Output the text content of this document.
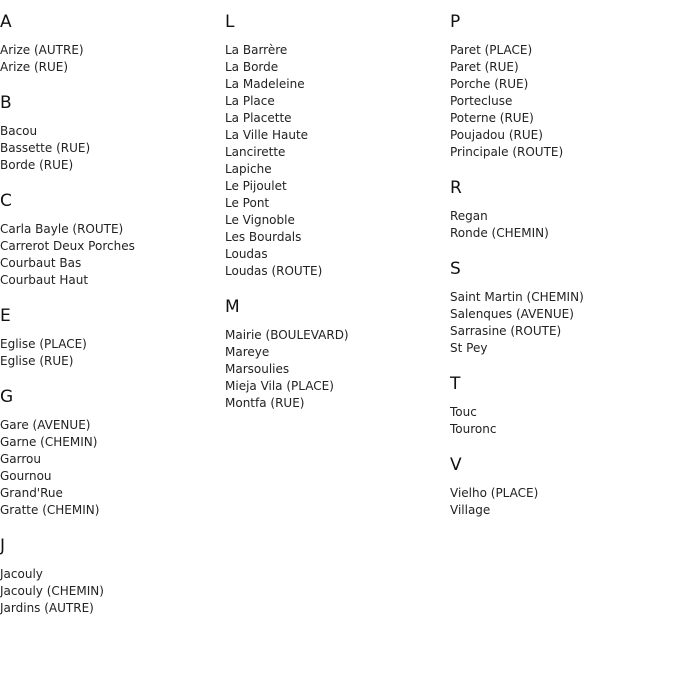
A
Arize (AUTRE)
Arize (RUE)
B
Bacou
Bassette (RUE)
Borde (RUE)
C
Carla Bayle (ROUTE)
Carrerot Deux Porches
Courbaut Bas
Courbaut Haut
E
Eglise (PLACE)
Eglise (RUE)
G
Gare (AVENUE)
Garne (CHEMIN)
Garrou
Gournou
Grand'Rue
Gratte (CHEMIN)
J
Jacouly
Jacouly (CHEMIN)
Jardins (AUTRE)
L
La Barrère
La Borde
La Madeleine
La Place
La Placette
La Ville Haute
Lancirette
Lapiche
Le Pijoulet
Le Pont
Le Vignoble
Les Bourdals
Loudas
Loudas (ROUTE)
M
Mairie (BOULEVARD)
Mareye
Marsoulies
Mieja Vila (PLACE)
Montfa (RUE)
P
Paret (PLACE)
Paret (RUE)
Porche (RUE)
Portecluse
Poterne (RUE)
Poujadou (RUE)
Principale (ROUTE)
R
Regan
Ronde (CHEMIN)
S
Saint Martin (CHEMIN)
Salenques (AVENUE)
Sarrasine (ROUTE)
St Pey
T
Touc
Touronc
V
Vielho (PLACE)
Village
